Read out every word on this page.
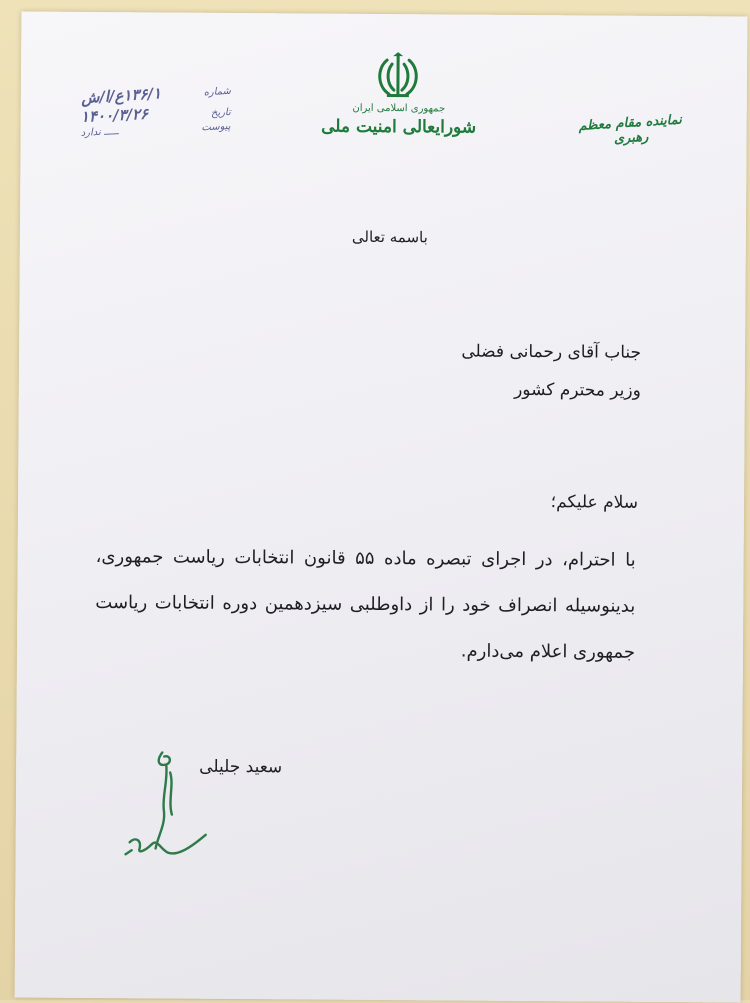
جمهوری اسلامی ایران
شورایعالی امنیت ملی	نماینده مقام معظم رهبری
شماره
۱۳۶/۱ع/ا/ش
تاریخ
۱۴۰۰/۳/۲۶
پیوست
ـــــ ندارد
باسمه تعالی
جناب آقای رحمانی فضلی
وزیر محترم کشور
سلام علیکم؛
با احترام، در اجرای تبصره ماده ۵۵ قانون انتخابات ریاست جمهوری، بدینوسیله انصراف خود را از داوطلبی سیزدهمین دوره انتخابات ریاست جمهوری اعلام می‌دارم.
سعید جلیلی
